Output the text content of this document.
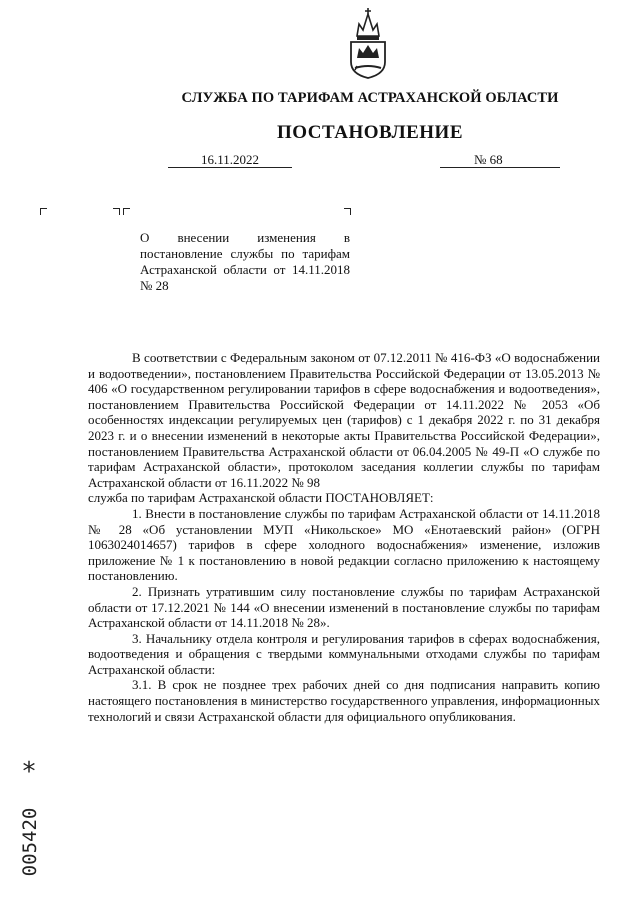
СЛУЖБА ПО ТАРИФАМ АСТРАХАНСКОЙ ОБЛАСТИ
ПОСТАНОВЛЕНИЕ
16.11.2022	№ 68
О внесении изменения в постановление службы по тарифам Астраханской области от 14.11.2018 № 28

В соответствии с Федеральным законом от 07.12.2011 № 416-ФЗ «О водоснабжении и водоотведении», постановлением Правительства Российской Федерации от 13.05.2013 № 406 «О государственном регулировании тарифов в сфере водоснабжения и водоотведения», постановлением Правительства Российской Федерации от 14.11.2022 № 2053 «Об особенностях индексации регулируемых цен (тарифов) с 1 декабря 2022 г. по 31 декабря 2023 г. и о внесении изменений в некоторые акты Правительства Российской Федерации», постановлением Правительства Астраханской области от 06.04.2005 № 49-П «О службе по тарифам Астраханской области», протоколом заседания коллегии службы по тарифам Астраханской области от 16.11.2022 № 98

служба по тарифам Астраханской области ПОСТАНОВЛЯЕТ:

1. Внести в постановление службы по тарифам Астраханской области от 14.11.2018 № 28 «Об установлении МУП «Никольское» МО «Енотаевский район» (ОГРН 1063024014657) тарифов в сфере холодного водоснабжения» изменение, изложив приложение № 1 к постановлению в новой редакции согласно приложению к настоящему постановлению.

2. Признать утратившим силу постановление службы по тарифам Астраханской области от 17.12.2021 № 144 «О внесении изменений в постановление службы по тарифам Астраханской области от 14.11.2018 № 28».

3. Начальнику отдела контроля и регулирования тарифов в сферах водоснабжения, водоотведения и обращения с твердыми коммунальными отходами службы по тарифам Астраханской области:

3.1. В срок не позднее трех рабочих дней со дня подписания направить копию настоящего постановления в министерство государственного управления, информационных технологий и связи Астраханской области для официального опубликования.

*
005420
